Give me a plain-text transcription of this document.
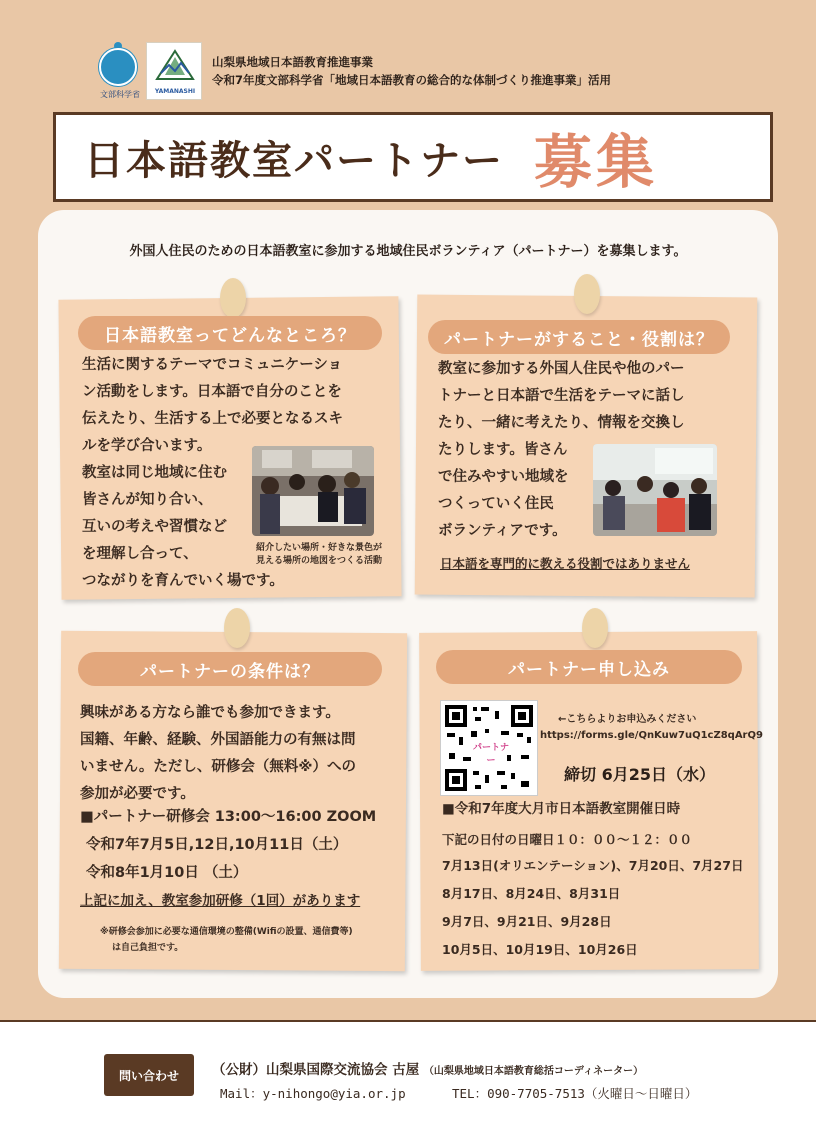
文部科学省	YAMANASHI
山梨県地域日本語教育推進事業
令和7年度文部科学省「地域日本語教育の総合的な体制づくり推進事業」活用
日本語教室パートナー 募集
外国人住民のための日本語教室に参加する地域住民ボランティア（パートナー）を募集します。
日本語教室ってどんなところ？
生活に関するテーマでコミュニケーショ
ン活動をします。日本語で自分のことを
伝えたり、生活する上で必要となるスキ
ルを学び合います。
教室は同じ地域に住む
皆さんが知り合い、
互いの考えや習慣など
を理解し合って、
つながりを育んでいく場です。
紹介したい場所・好きな景色が
見える場所の地図をつくる活動
パートナーがすること・役割は？
教室に参加する外国人住民や他のパー
トナーと日本語で生活をテーマに話し
たり、一緒に考えたり、情報を交換し
たりします。皆さん
で住みやすい地域を
つくっていく住民
ボランティアです。
日本語を専門的に教える役割ではありません
パートナーの条件は？
興味がある方なら誰でも参加できます。
国籍、年齢、経験、外国語能力の有無は問
いません。ただし、研修会（無料※）への
参加が必要です。
■パートナー研修会 13:00～16:00 ZOOM
令和7年7月5日,12日,10月11日（土）
令和8年1月10日 （土）
上記に加え、教室参加研修（1回）があります
※研修会参加に必要な通信環境の整備(Wifiの設置、通信費等)
は自己負担です。
パートナー申し込み
パートナー
←こちらよりお申込みください
https://forms.gle/QnKuw7uQ1cZ8qArQ9
締切 6月25日（水）
■令和7年度大月市日本語教室開催日時
下記の日付の日曜日１０：００～１２：００
7月13日(オリエンテーション)、7月20日、7月27日
8月17日、8月24日、8月31日
9月7日、9月21日、9月28日
10月5日、10月19日、10月26日
問い合わせ	（公財）山梨県国際交流協会 古屋 （山梨県地域日本語教育総括コーディネーター）
Mail：y-nihongo@yia.or.jp	TEL：090-7705-7513（火曜日～日曜日）
